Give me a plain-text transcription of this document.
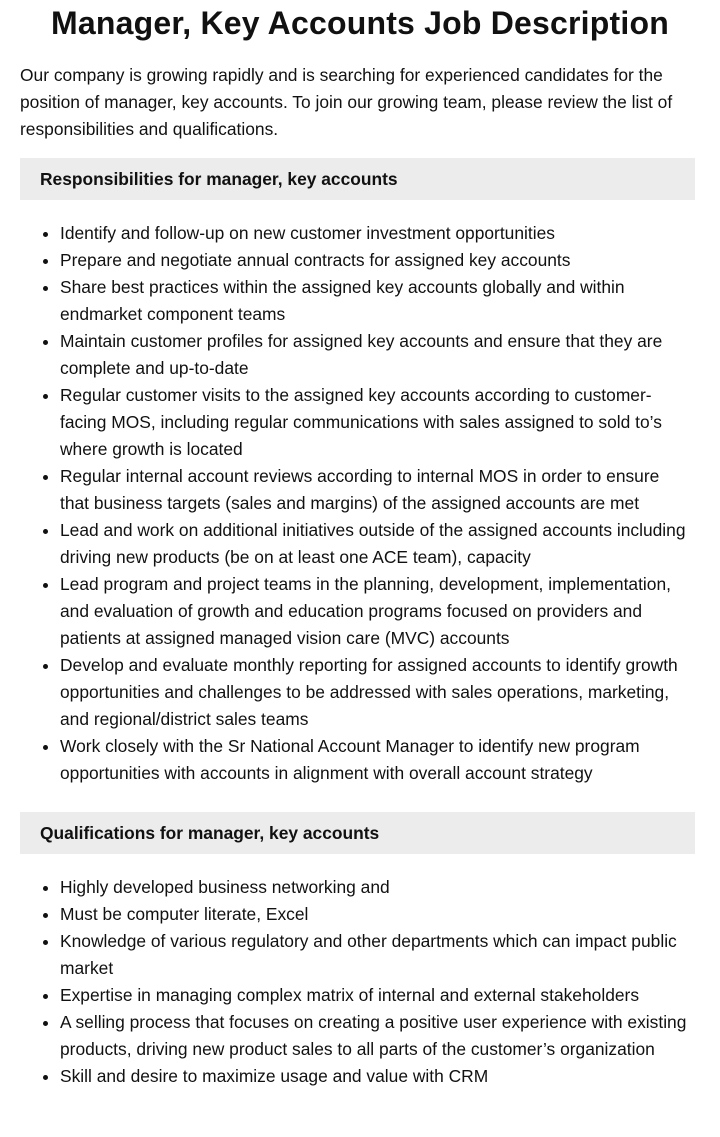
Manager, Key Accounts Job Description

Our company is growing rapidly and is searching for experienced candidates for the position of manager, key accounts. To join our growing team, please review the list of responsibilities and qualifications.

Responsibilities for manager, key accounts
• Identify and follow-up on new customer investment opportunities
• Prepare and negotiate annual contracts for assigned key accounts
• Share best practices within the assigned key accounts globally and within endmarket component teams
• Maintain customer profiles for assigned key accounts and ensure that they are complete and up-to-date
• Regular customer visits to the assigned key accounts according to customer-facing MOS, including regular communications with sales assigned to sold to’s where growth is located
• Regular internal account reviews according to internal MOS in order to ensure that business targets (sales and margins) of the assigned accounts are met
• Lead and work on additional initiatives outside of the assigned accounts including driving new products (be on at least one ACE team), capacity
• Lead program and project teams in the planning, development, implementation, and evaluation of growth and education programs focused on providers and patients at assigned managed vision care (MVC) accounts
• Develop and evaluate monthly reporting for assigned accounts to identify growth opportunities and challenges to be addressed with sales operations, marketing, and regional/district sales teams
• Work closely with the Sr National Account Manager to identify new program opportunities with accounts in alignment with overall account strategy
Qualifications for manager, key accounts
• Highly developed business networking and
• Must be computer literate, Excel
• Knowledge of various regulatory and other departments which can impact public market
• Expertise in managing complex matrix of internal and external stakeholders
• A selling process that focuses on creating a positive user experience with existing products, driving new product sales to all parts of the customer’s organization
• Skill and desire to maximize usage and value with CRM
